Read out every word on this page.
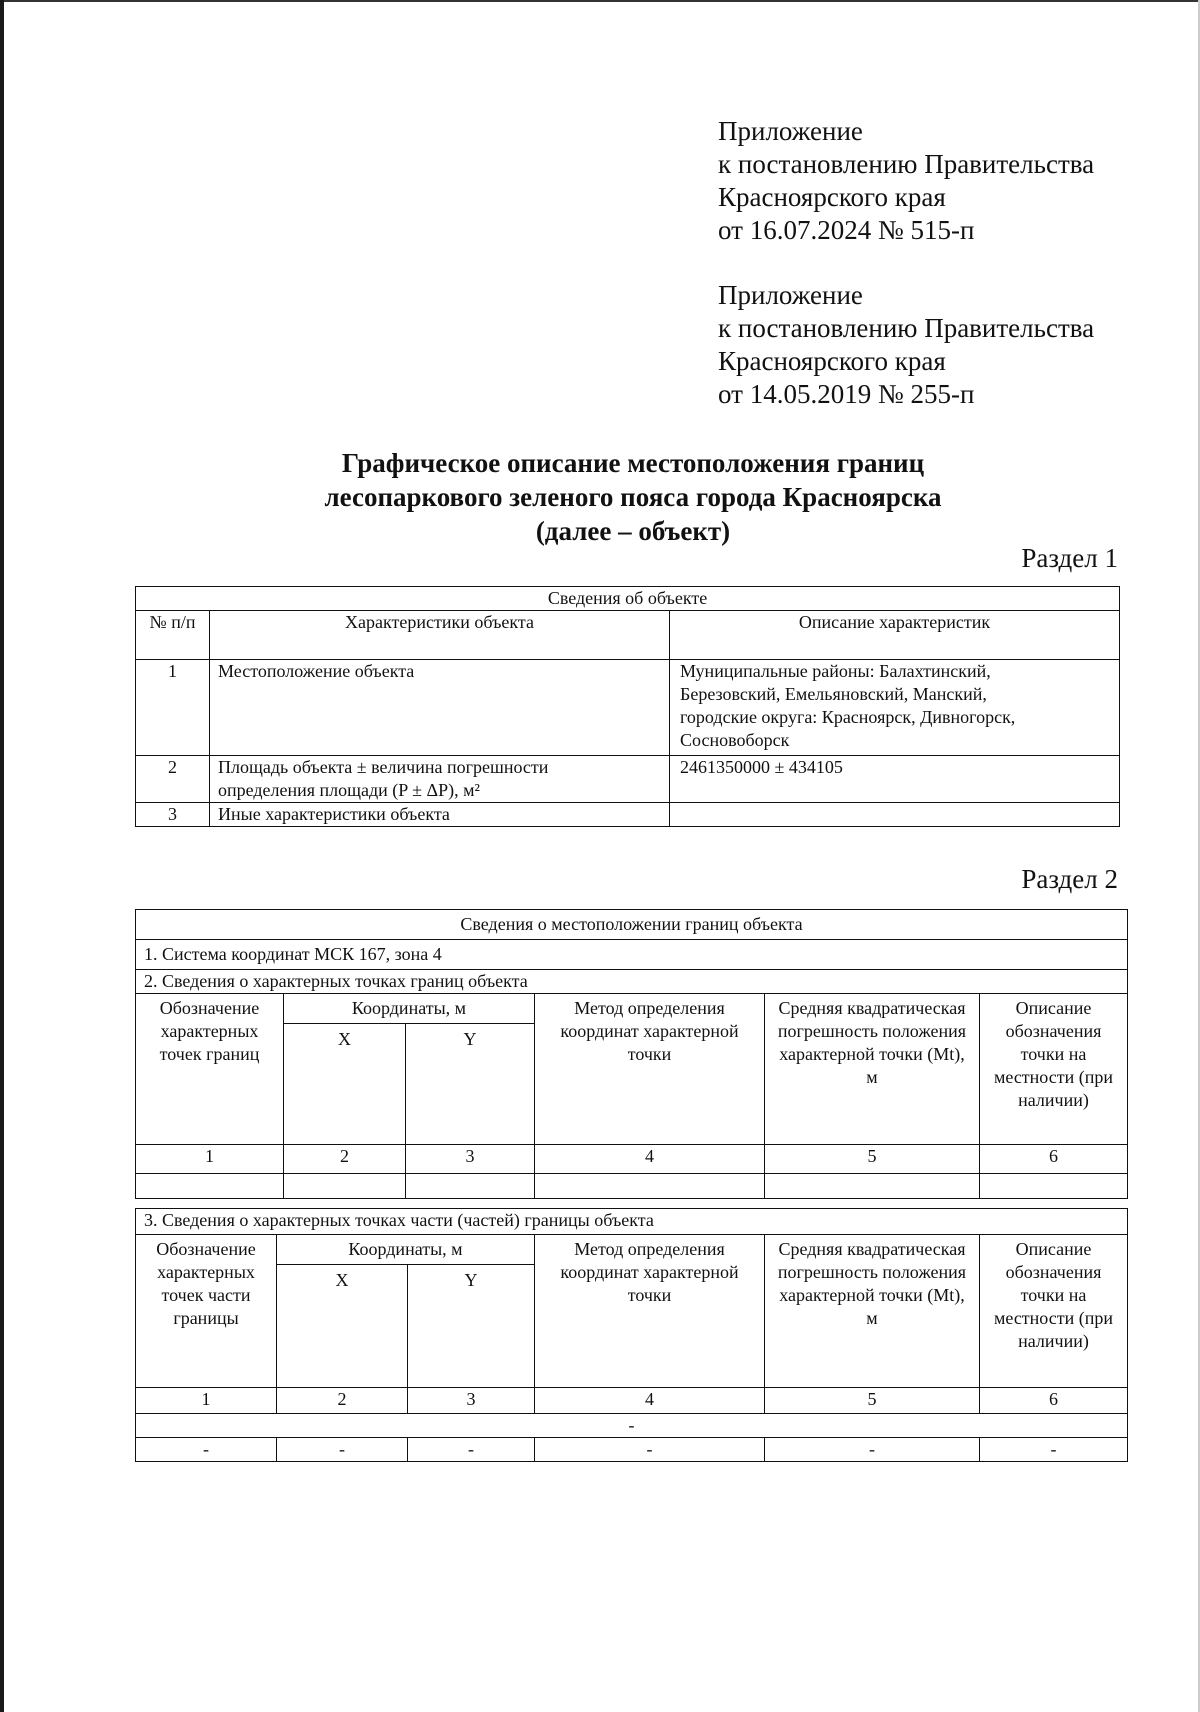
Приложение
к постановлению Правительства
Красноярского края
от 16.07.2024 № 515-п
Приложение
к постановлению Правительства
Красноярского края
от 14.05.2019 № 255-п
Графическое описание местоположения границ
лесопаркового зеленого пояса города Красноярска
(далее – объект)
Раздел 1
Сведения об объекте		
№ п/п	Характеристики объекта	Описание характеристик
1	Местоположение объекта	Муниципальные районы: Балахтинский, Березовский, Емельяновский, Манский, городские округа: Красноярск, Дивногорск, Сосновоборск
2	Площадь объекта ± величина погрешности определения площади (P ± ΔP), м²	2461350000 ± 434105
3	Иные характеристики объекта	
Раздел 2
Сведения о местоположении границ объекта					
1. Система координат МСК 167, зона 4					
2. Сведения о характерных точках границ объекта					
Обозначение характерных точек границ	Координаты, м		Метод определения координат характерной точки	Средняя квадратическая погрешность положения характерной точки (Mt), м	Описание обозначения точки на местности (при наличии)
	X	Y			
1	2	3	4	5	6

3. Сведения о характерных точках части (частей) границы объекта					
Обозначение характерных точек части границы	Координаты, м		Метод определения координат характерной точки	Средняя квадратическая погрешность положения характерной точки (Mt), м	Описание обозначения точки на местности (при наличии)
	X	Y			
1	2	3	4	5	6
-					
-	-	-	-	-	-
